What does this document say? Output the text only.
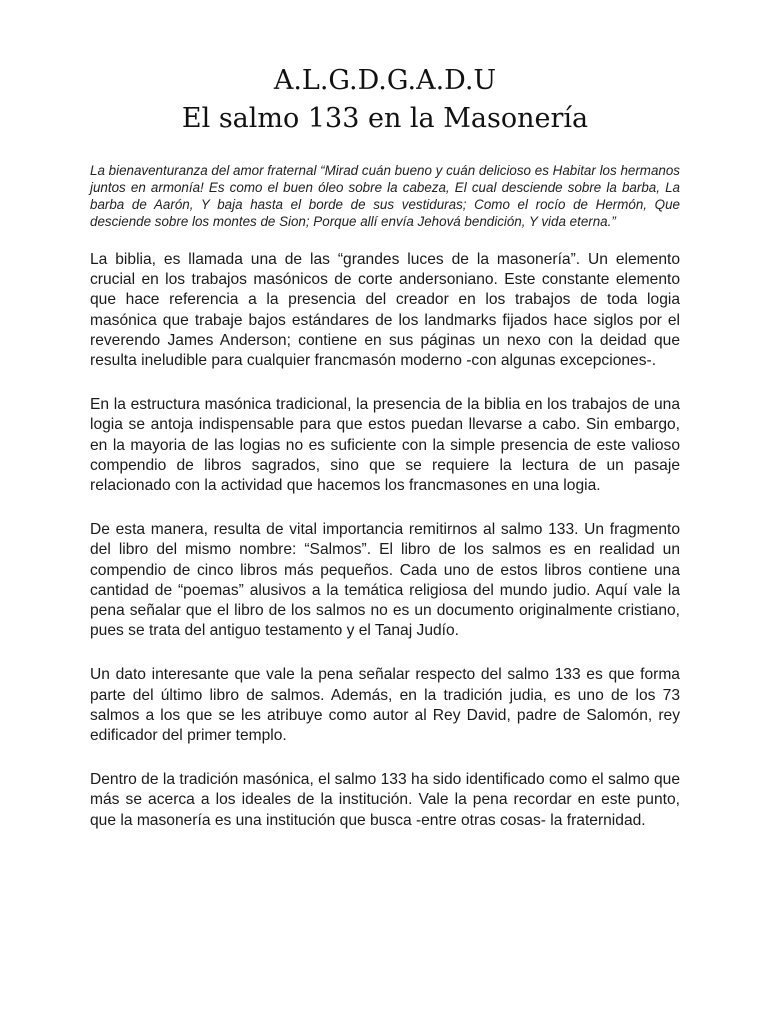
A.L.G.D.G.A.D.U
El salmo 133 en la Masonería

La bienaventuranza del amor fraternal “Mirad cuán bueno y cuán delicioso es Habitar los hermanos juntos en armonía! Es como el buen óleo sobre la cabeza, El cual desciende sobre la barba, La barba de Aarón, Y baja hasta el borde de sus vestiduras; Como el rocío de Hermón, Que desciende sobre los montes de Sion; Porque allí envía Jehová bendición, Y vida eterna.”

La biblia, es llamada una de las “grandes luces de la masonería”. Un elemento crucial en los trabajos masónicos de corte andersoniano. Este constante elemento que hace referencia a la presencia del creador en los trabajos de toda logia masónica que trabaje bajos estándares de los landmarks fijados hace siglos por el reverendo James Anderson; contiene en sus páginas un nexo con la deidad que resulta ineludible para cualquier francmasón moderno -con algunas excepciones-.

En la estructura masónica tradicional, la presencia de la biblia en los trabajos de una logia se antoja indispensable para que estos puedan llevarse a cabo. Sin embargo, en la mayoria de las logias no es suficiente con la simple presencia de este valioso compendio de libros sagrados, sino que se requiere la lectura de un pasaje relacionado con la actividad que hacemos los francmasones en una logia.

De esta manera, resulta de vital importancia remitirnos al salmo 133. Un fragmento del libro del mismo nombre: “Salmos”. El libro de los salmos es en realidad un compendio de cinco libros más pequeños. Cada uno de estos libros contiene una cantidad de “poemas” alusivos a la temática religiosa del mundo judio. Aquí vale la pena señalar que el libro de los salmos no es un documento originalmente cristiano, pues se trata del antiguo testamento y el Tanaj Judío.

Un dato interesante que vale la pena señalar respecto del salmo 133 es que forma parte del último libro de salmos. Además, en la tradición judia, es uno de los 73 salmos a los que se les atribuye como autor al Rey David, padre de Salomón, rey edificador del primer templo.

Dentro de la tradición masónica, el salmo 133 ha sido identificado como el salmo que más se acerca a los ideales de la institución. Vale la pena recordar en este punto, que la masonería es una institución que busca -entre otras cosas- la fraternidad.
